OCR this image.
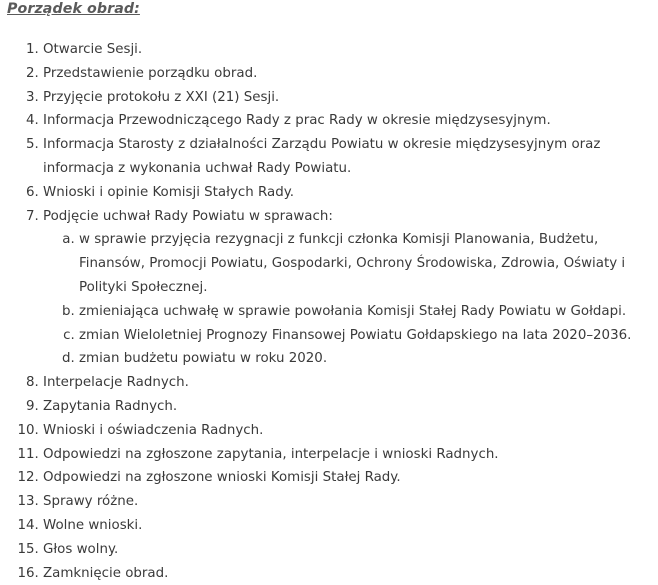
Porządek obrad:
1. Otwarcie Sesji.
2. Przedstawienie porządku obrad.
3. Przyjęcie protokołu z XXI (21) Sesji.
4. Informacja Przewodniczącego Rady z prac Rady w okresie międzysesyjnym.
5. Informacja Starosty z działalności Zarządu Powiatu w okresie międzysesyjnym oraz informacja z wykonania uchwał Rady Powiatu.
6. Wnioski i opinie Komisji Stałych Rady.
7. Podjęcie uchwał Rady Powiatu w sprawach:
a. w sprawie przyjęcia rezygnacji z funkcji członka Komisji Planowania, Budżetu, Finansów, Promocji Powiatu, Gospodarki, Ochrony Środowiska, Zdrowia, Oświaty i Polityki Społecznej.
b. zmieniająca uchwałę w sprawie powołania Komisji Stałej Rady Powiatu w Gołdapi.
c. zmian Wieloletniej Prognozy Finansowej Powiatu Gołdapskiego na lata 2020–2036.
d. zmian budżetu powiatu w roku 2020.
8. Interpelacje Radnych.
9. Zapytania Radnych.
10. Wnioski i oświadczenia Radnych.
11. Odpowiedzi na zgłoszone zapytania, interpelacje i wnioski Radnych.
12. Odpowiedzi na zgłoszone wnioski Komisji Stałej Rady.
13. Sprawy różne.
14. Wolne wnioski.
15. Głos wolny.
16. Zamknięcie obrad.
